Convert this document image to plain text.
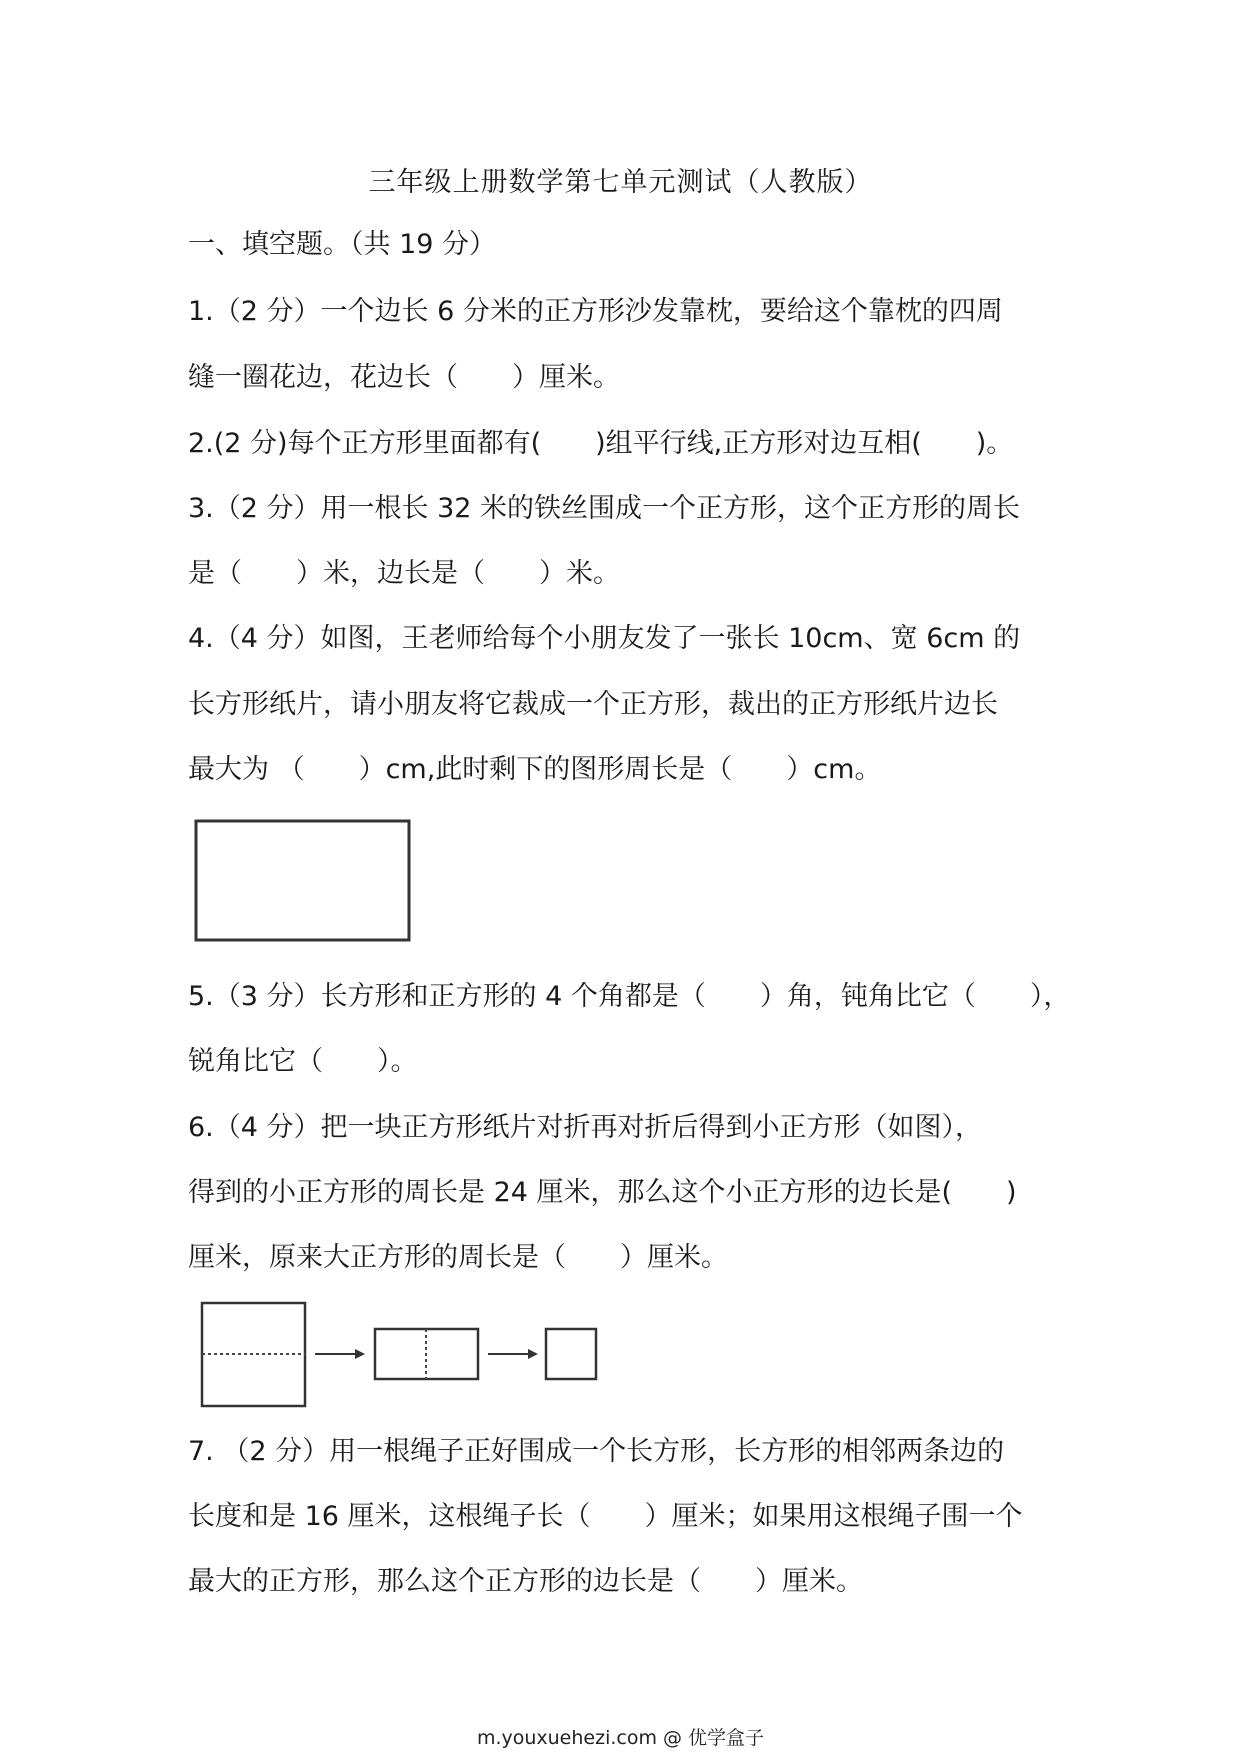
三年级上册数学第七单元测试（人教版）
一、填空题。（共 19 分）
1.（2 分）一个边长 6 分米的正方形沙发靠枕，要给这个靠枕的四周
缝一圈花边，花边长（　　）厘米。
2.(2 分)每个正方形里面都有(　　)组平行线,正方形对边互相(　　)。
3.（2 分）用一根长 32 米的铁丝围成一个正方形，这个正方形的周长
是（　　）米，边长是（　　）米。
4.（4 分）如图，王老师给每个小朋友发了一张长 10cm、宽 6cm 的
长方形纸片，请小朋友将它裁成一个正方形，裁出的正方形纸片边长
最大为 （　　）cm,此时剩下的图形周长是（　　）cm。
5.（3 分）长方形和正方形的 4 个角都是（　　）角，钝角比它（　　），
锐角比它（　　）。
6.（4 分）把一块正方形纸片对折再对折后得到小正方形（如图），
得到的小正方形的周长是 24 厘米，那么这个小正方形的边长是(　　)
厘米，原来大正方形的周长是（　　）厘米。
7. （2 分）用一根绳子正好围成一个长方形，长方形的相邻两条边的
长度和是 16 厘米，这根绳子长（　　）厘米；如果用这根绳子围一个
最大的正方形，那么这个正方形的边长是（　　）厘米。
m.youxuehezi.com @ 优学盒子
